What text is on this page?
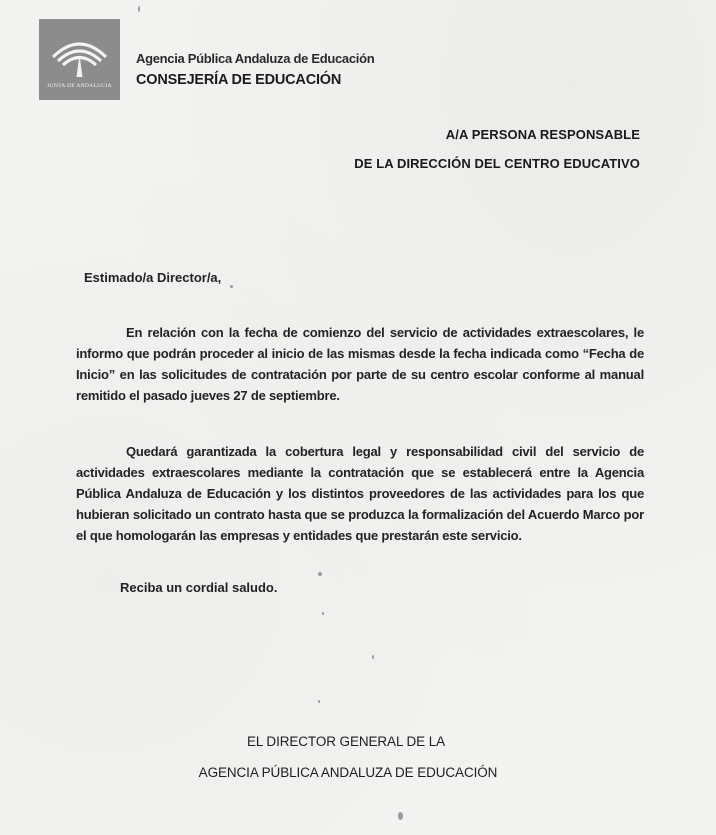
JUNTA DE ANDALUCIA
Agencia Pública Andaluza de Educación
CONSEJERÍA DE EDUCACIÓN
A/A PERSONA RESPONSABLE
DE LA DIRECCIÓN DEL CENTRO EDUCATIVO
Estimado/a Director/a,

En relación con la fecha de comienzo del servicio de actividades extraescolares, le informo que podrán proceder al inicio de las mismas desde la fecha indicada como “Fecha de Inicio” en las solicitudes de contratación por parte de su centro escolar conforme al manual remitido el pasado jueves 27 de septiembre.

Quedará garantizada la cobertura legal y responsabilidad civil del servicio de actividades extraescolares mediante la contratación que se establecerá entre la Agencia Pública Andaluza de Educación y los distintos proveedores de las actividades para los que hubieran solicitado un contrato hasta que se produzca la formalización del Acuerdo Marco por el que homologarán las empresas y entidades que prestarán este servicio.

Reciba un cordial saludo.
EL DIRECTOR GENERAL DE LA
AGENCIA PÚBLICA ANDALUZA DE EDUCACIÓN
